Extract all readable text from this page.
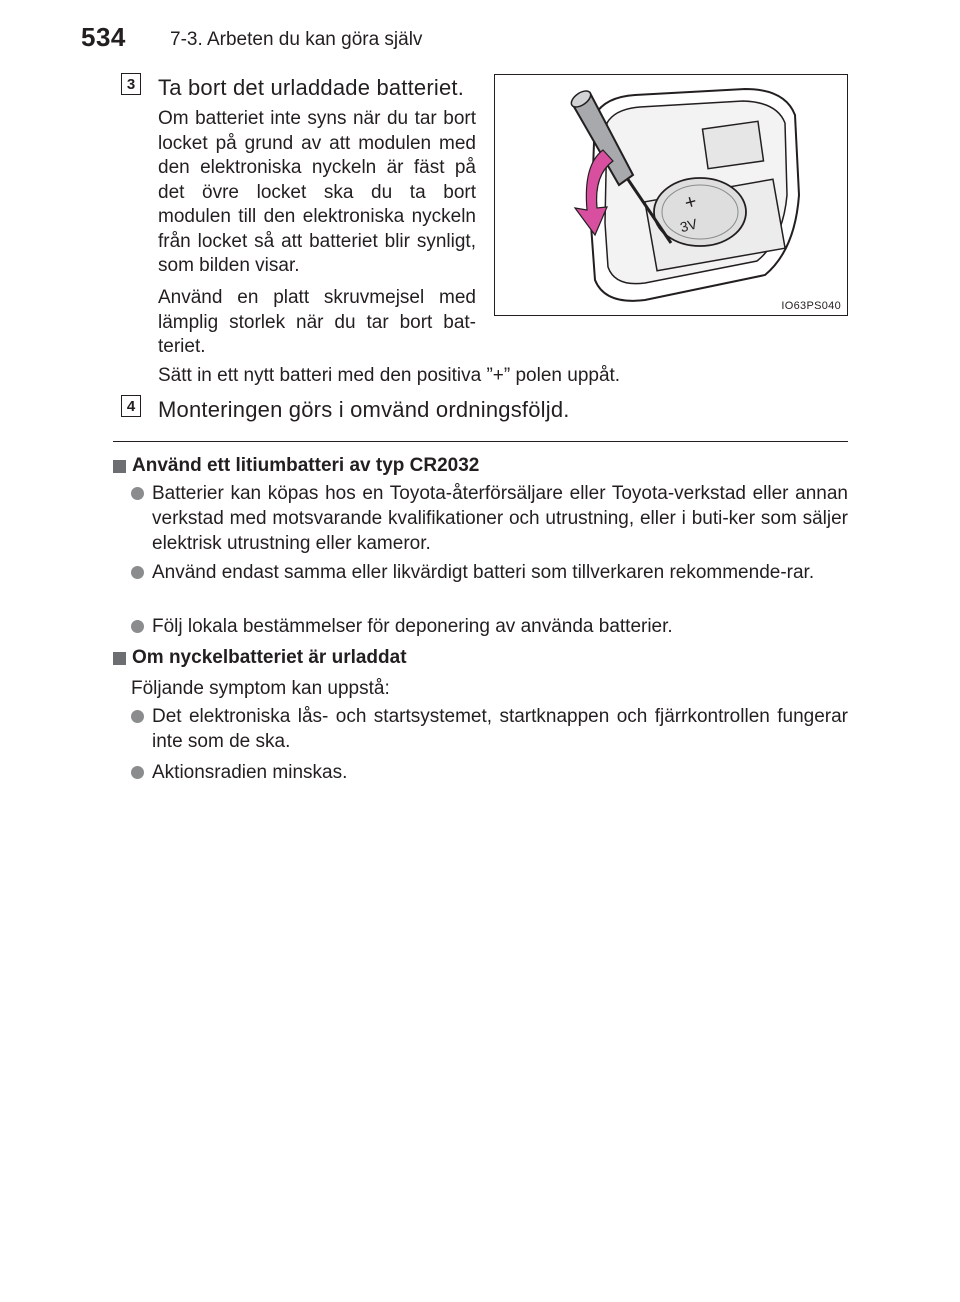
534 7-3. Arbeten du kan göra själv
3 Ta bort det urladdade batteriet.

Om batteriet inte syns när du tar bort locket på grund av att modulen med den elektroniska nyckeln är fäst på det övre locket ska du ta bort modulen till den elektroniska nyckeln från locket så att batteriet blir synligt, som bilden visar.

Använd en platt skruvmejsel med lämplig storlek när du tar bort bat-teriet.

Sätt in ett nytt batteri med den positiva ”+” polen uppåt.

+
3V
IO63PS040
4 Monteringen görs i omvänd ordningsföljd.
Använd ett litiumbatteri av typ CR2032
Batterier kan köpas hos en Toyota-återförsäljare eller Toyota-verkstad eller annan verkstad med motsvarande kvalifikationer och utrustning, eller i buti-ker som säljer elektrisk utrustning eller kameror.
Använd endast samma eller likvärdigt batteri som tillverkaren rekommende-rar.
Följ lokala bestämmelser för deponering av använda batterier.
Om nyckelbatteriet är urladdat
Följande symptom kan uppstå:
Det elektroniska lås- och startsystemet, startknappen och fjärrkontrollen fungerar inte som de ska.
Aktionsradien minskas.
